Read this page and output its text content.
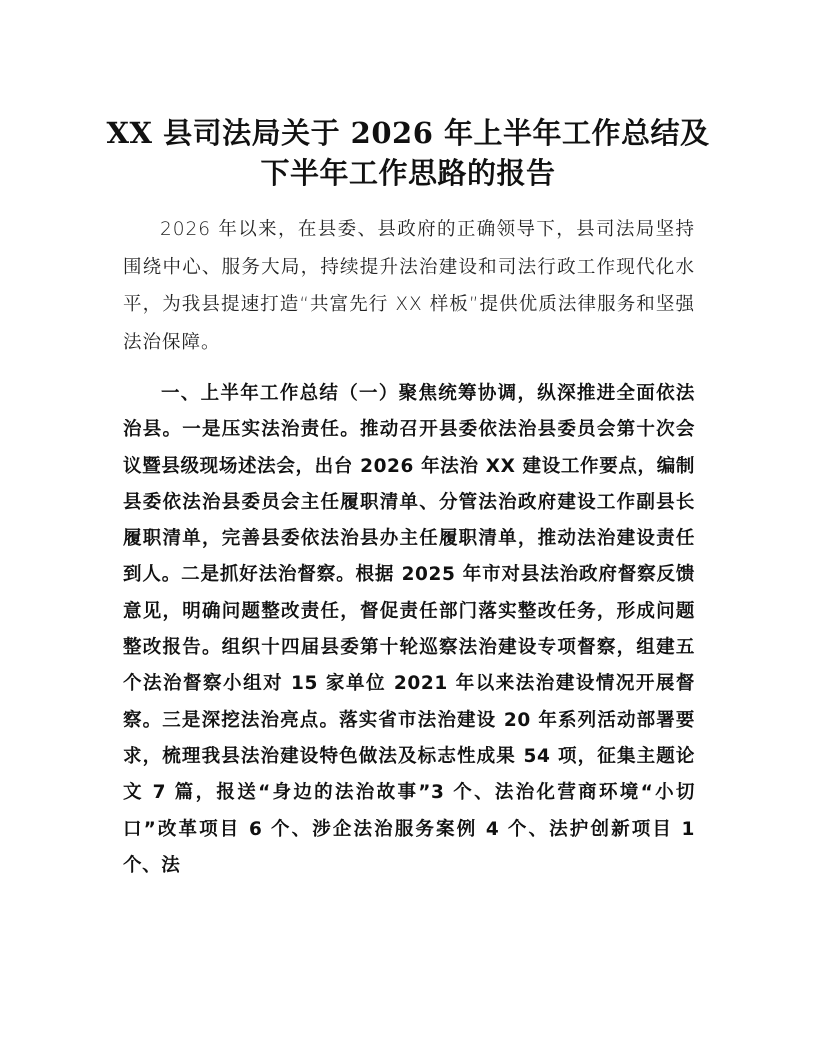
XX 县司法局关于 2026 年上半年工作总结及
下半年工作思路的报告

2026 年以来，在县委、县政府的正确领导下，县司法局坚持围绕中心、服务大局，持续提升法治建设和司法行政工作现代化水平，为我县提速打造“共富先行 XX 样板”提供优质法律服务和坚强法治保障。

一、上半年工作总结（一）聚焦统筹协调，纵深推进全面依法治县。一是压实法治责任。推动召开县委依法治县委员会第十次会议暨县级现场述法会，出台 2026 年法治 XX 建设工作要点，编制县委依法治县委员会主任履职清单、分管法治政府建设工作副县长履职清单，完善县委依法治县办主任履职清单，推动法治建设责任到人。二是抓好法治督察。根据 2025 年市对县法治政府督察反馈意见，明确问题整改责任，督促责任部门落实整改任务，形成问题整改报告。组织十四届县委第十轮巡察法治建设专项督察，组建五个法治督察小组对 15 家单位 2021 年以来法治建设情况开展督察。三是深挖法治亮点。落实省市法治建设 20 年系列活动部署要求，梳理我县法治建设特色做法及标志性成果 54 项，征集主题论文 7 篇，报送“身边的法治故事”3 个、法治化营商环境“小切口”改革项目 6 个、涉企法治服务案例 4 个、法护创新项目 1 个、法
